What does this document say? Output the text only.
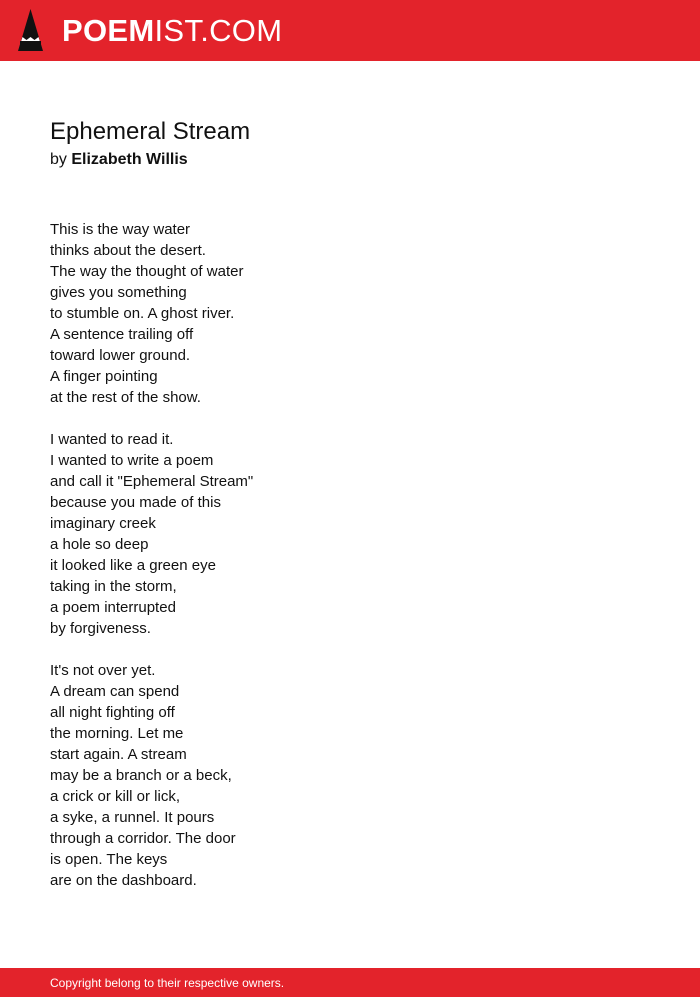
POEMIST.COM
Ephemeral Stream
by Elizabeth Willis
This is the way water
thinks about the desert.
The way the thought of water
gives you something
to stumble on. A ghost river.
A sentence trailing off
toward lower ground.
A finger pointing
at the rest of the show.
I wanted to read it.
I wanted to write a poem
and call it "Ephemeral Stream"
because you made of this
imaginary creek
a hole so deep
it looked like a green eye
taking in the storm,
a poem interrupted
by forgiveness.
It's not over yet.
A dream can spend
all night fighting off
the morning. Let me
start again. A stream
may be a branch or a beck,
a crick or kill or lick,
a syke, a runnel. It pours
through a corridor. The door
is open. The keys
are on the dashboard.
Copyright belong to their respective owners.
